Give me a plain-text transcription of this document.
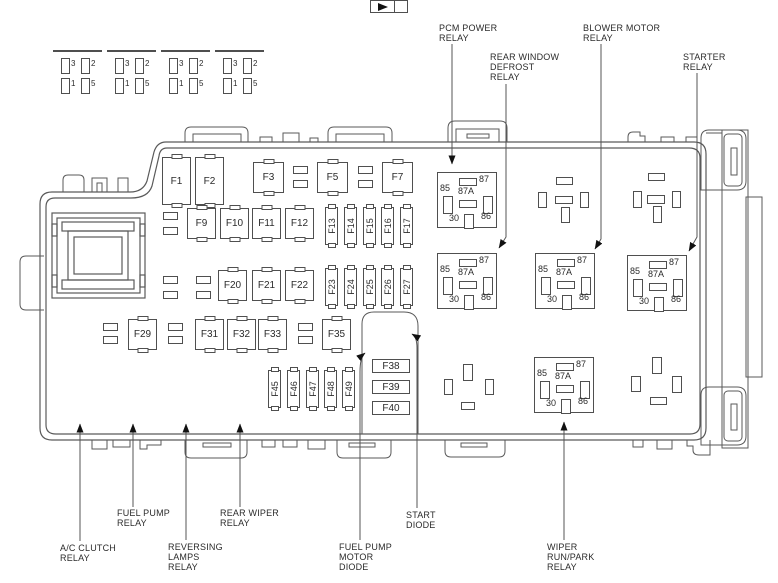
F1	F2	F3	F5	F7
F9	F10	F11	F12
F20	F21	F22
F29	F31	F32	F33	F35
F38
F39
F40
F13 F14 F15 F16 F17
F23 F24 F25 F26 F27
F45 F46 F47 F48 F49
87
87A
85
86
30
87
87A
85
86
30
87
87A
85
86
30
87
87A
85
86
30
87
87A
85
86
30
3 2
1 5
3 2
1 5
3 2
1 5
3 2
1 5
PCM POWER
RELAY
REAR WINDOW
DEFROST
RELAY
BLOWER MOTOR
RELAY
STARTER
RELAY
A/C CLUTCH
RELAY
FUEL PUMP
RELAY
REVERSING
LAMPS
RELAY
REAR WIPER
RELAY
FUEL PUMP
MOTOR
DIODE
START
DIODE
WIPER
RUN/PARK
RELAY
